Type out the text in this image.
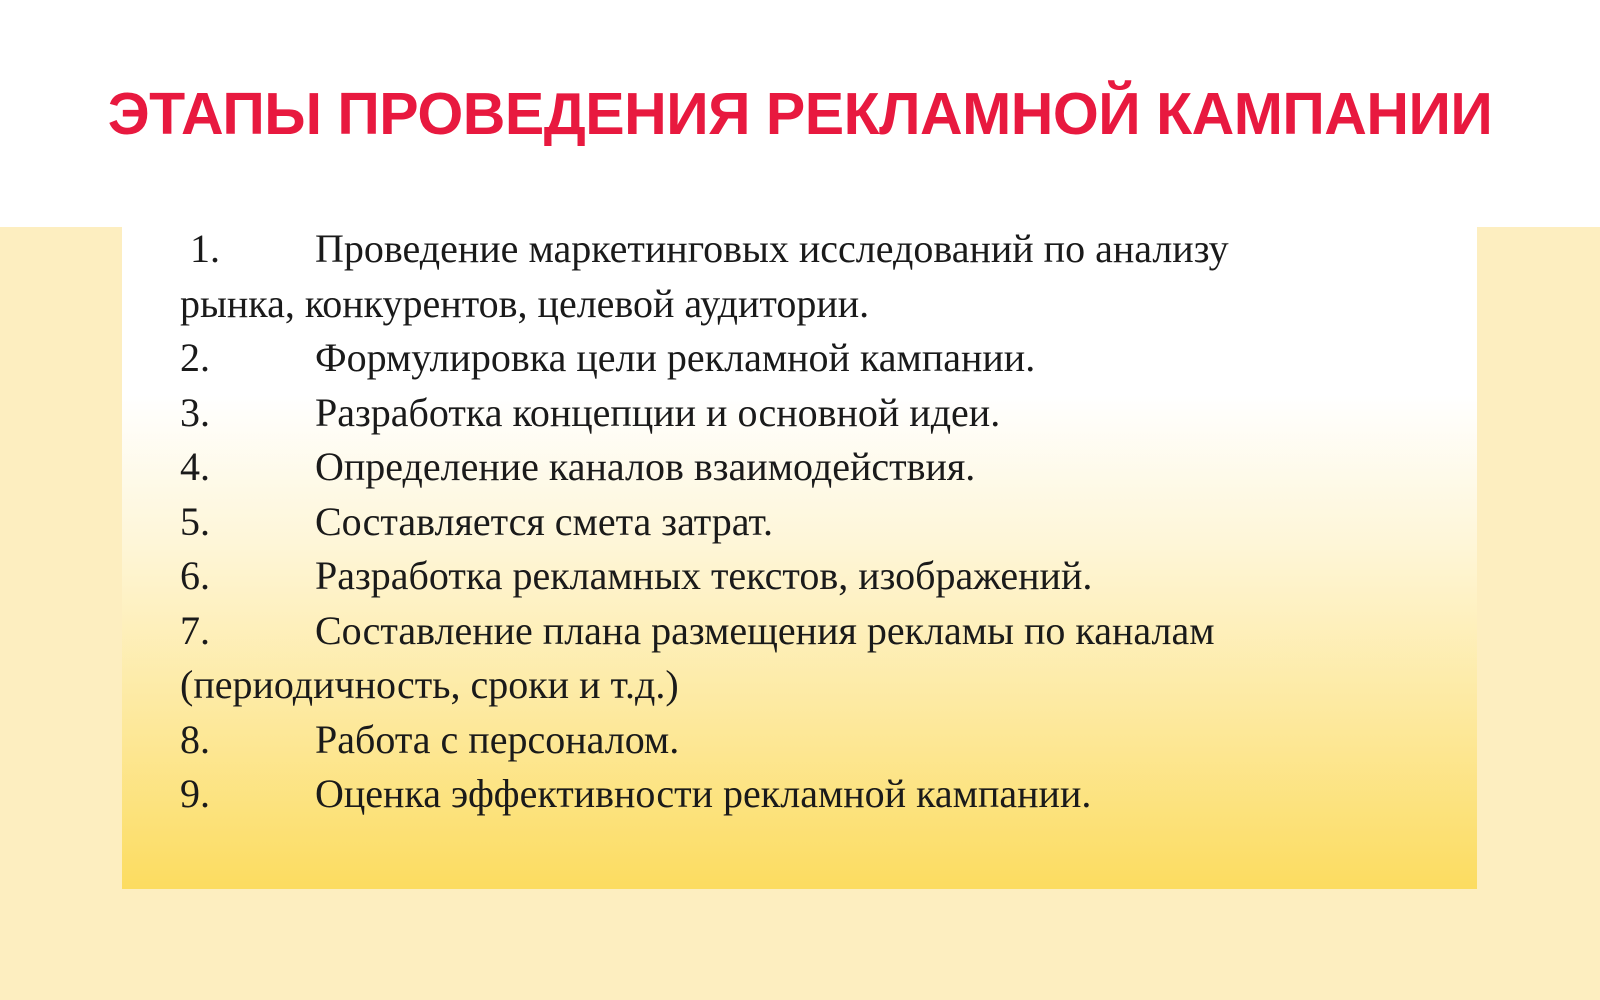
ЭТАПЫ ПРОВЕДЕНИЯ РЕКЛАМНОЙ КАМПАНИИ
1. Проведение маркетинговых исследований по анализу
рынка, конкурентов, целевой аудитории.
2.	Формулировка цели рекламной кампании.
3.	Разработка концепции и основной идеи.
4.	Определение каналов взаимодействия.
5.	Составляется смета затрат.
6.	Разработка рекламных текстов, изображений.
7.	Составление плана размещения рекламы по каналам
(периодичность, сроки и т.д.)
8.	Работа с персоналом.
9.	Оценка эффективности рекламной кампании.
